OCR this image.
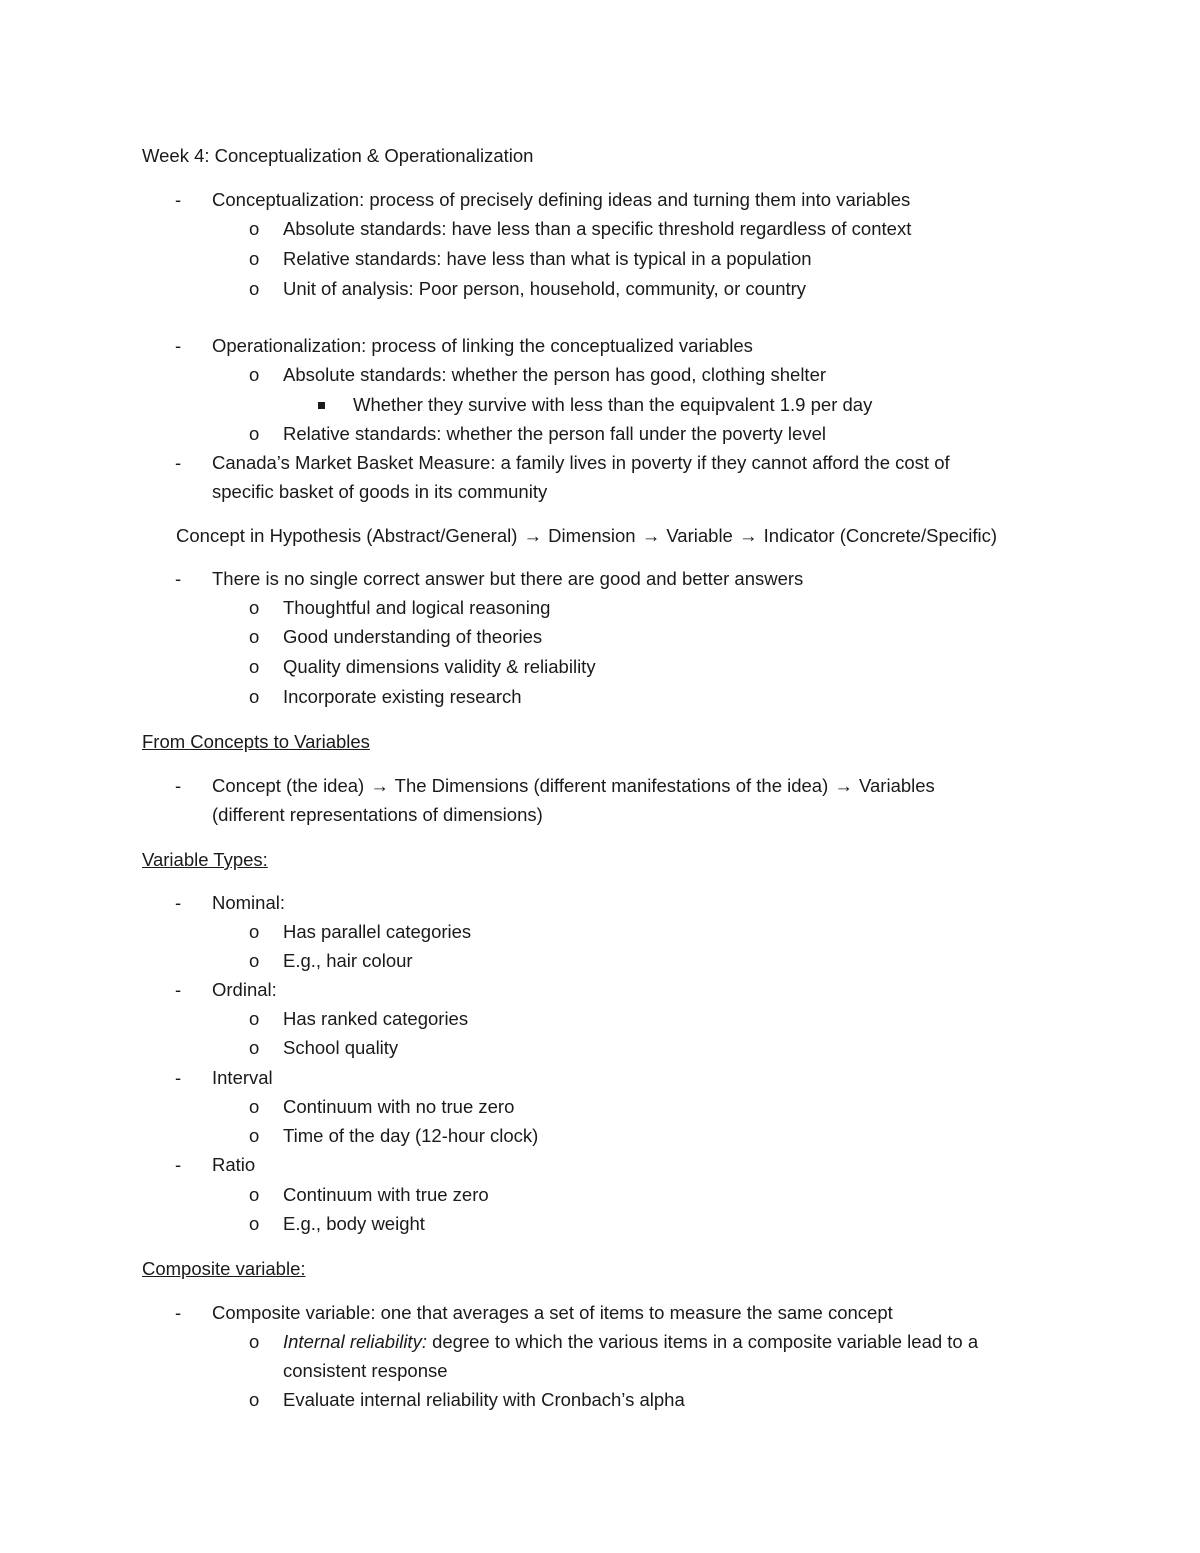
Week 4: Conceptualization & Operationalization
-	Conceptualization: process of precisely defining ideas and turning them into variables
o	Absolute standards: have less than a specific threshold regardless of context
o	Relative standards: have less than what is typical in a population
o	Unit of analysis: Poor person, household, community, or country
-	Operationalization: process of linking the conceptualized variables
o	Absolute standards: whether the person has good, clothing shelter
Whether they survive with less than the equipvalent 1.9 per day
o	Relative standards: whether the person fall under the poverty level
-	Canada’s Market Basket Measure: a family lives in poverty if they cannot afford the cost of
specific basket of goods in its community
Concept in Hypothesis (Abstract/General) → Dimension → Variable → Indicator (Concrete/Specific)
-	There is no single correct answer but there are good and better answers
o	Thoughtful and logical reasoning
o	Good understanding of theories
o	Quality dimensions validity & reliability
o	Incorporate existing research
From Concepts to Variables
-	Concept (the idea) → The Dimensions (different manifestations of the idea) → Variables
(different representations of dimensions)
Variable Types:
-	Nominal:
o	Has parallel categories
o	E.g., hair colour
-	Ordinal:
o	Has ranked categories
o	School quality
-	Interval
o	Continuum with no true zero
o	Time of the day (12-hour clock)
-	Ratio
o	Continuum with true zero
o	E.g., body weight
Composite variable:
-	Composite variable: one that averages a set of items to measure the same concept
o	Internal reliability: degree to which the various items in a composite variable lead to a
consistent response
o	Evaluate internal reliability with Cronbach’s alpha
